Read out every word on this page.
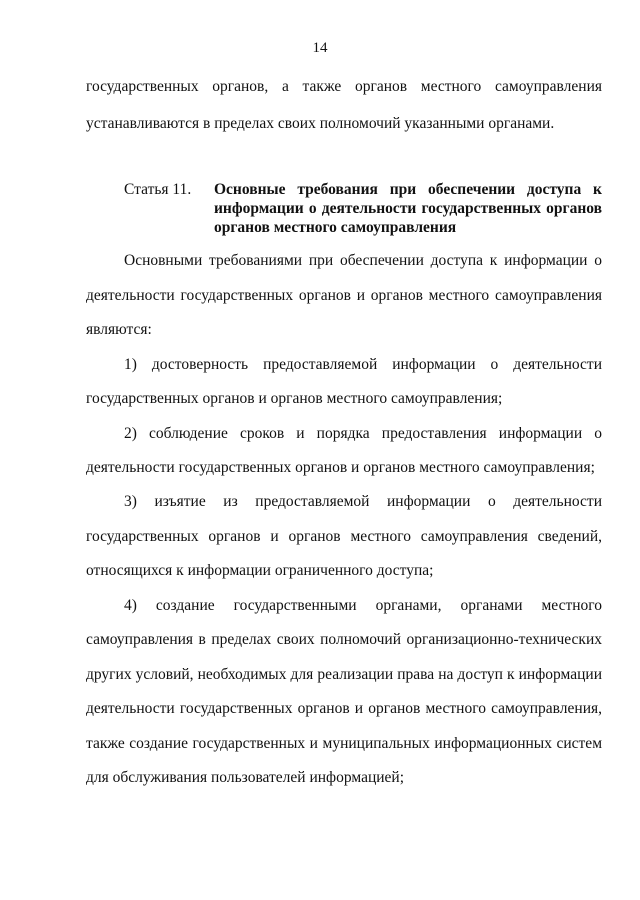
14
государственных органов, а также органов местного самоуправления
устанавливаются в пределах своих полномочий указанными органами.
Статья 11. Основные требования при обеспечении доступа к
информации о деятельности государственных органов
органов местного самоуправления
Основными требованиями при обеспечении доступа к информации о
деятельности государственных органов и органов местного самоуправления
являются:
1) достоверность предоставляемой информации о деятельности
государственных органов и органов местного самоуправления;
2) соблюдение сроков и порядка предоставления информации о
деятельности государственных органов и органов местного самоуправления;
3) изъятие из предоставляемой информации о деятельности
государственных органов и органов местного самоуправления сведений,
относящихся к информации ограниченного доступа;
4) создание государственными органами, органами местного
самоуправления в пределах своих полномочий организационно-технических
других условий, необходимых для реализации права на доступ к информации
деятельности государственных органов и органов местного самоуправления,
также создание государственных и муниципальных информационных систем
для обслуживания пользователей информацией;
